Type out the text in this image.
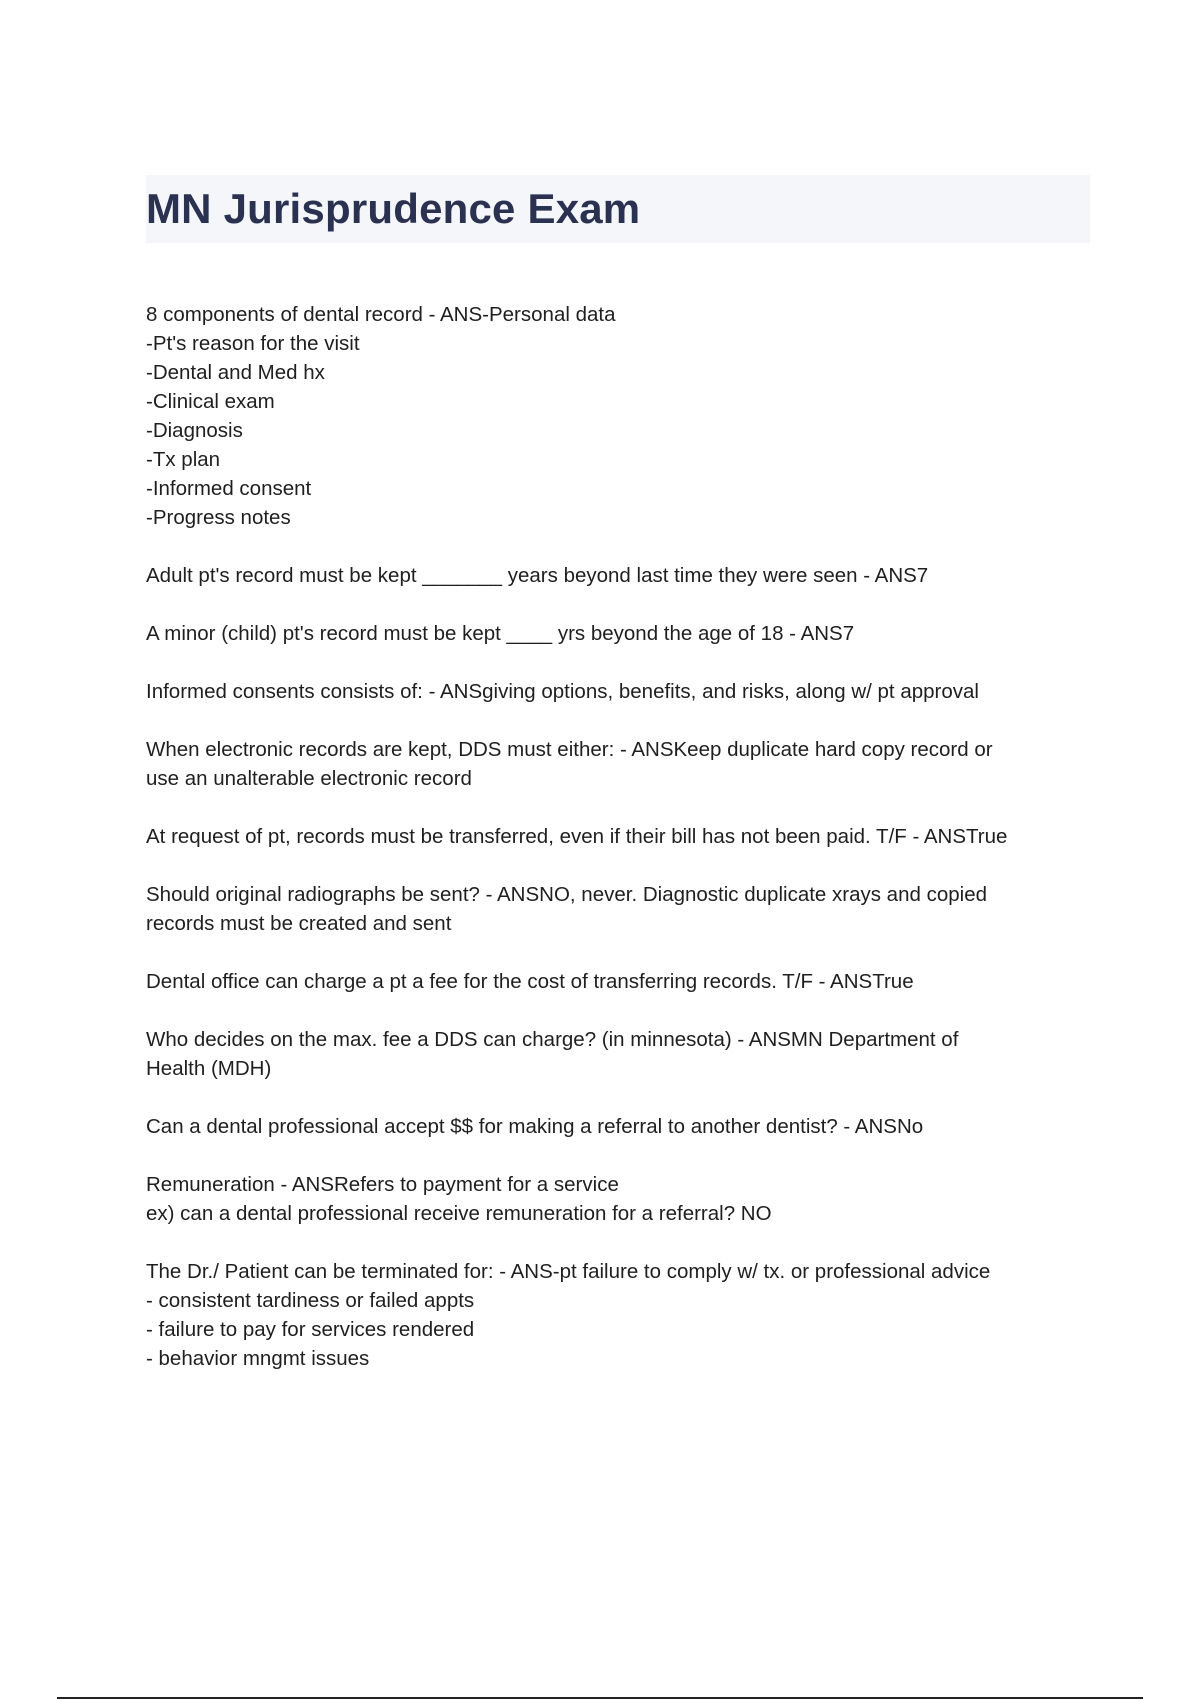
MN Jurisprudence Exam

8 components of dental record - ANS-Personal data
-Pt's reason for the visit
-Dental and Med hx
-Clinical exam
-Diagnosis
-Tx plan
-Informed consent
-Progress notes

Adult pt's record must be kept _______ years beyond last time they were seen - ANS7

A minor (child) pt's record must be kept ____ yrs beyond the age of 18 - ANS7

Informed consents consists of: - ANSgiving options, benefits, and risks, along w/ pt approval

When electronic records are kept, DDS must either: - ANSKeep duplicate hard copy record or
use an unalterable electronic record

At request of pt, records must be transferred, even if their bill has not been paid. T/F - ANSTrue

Should original radiographs be sent? - ANSNO, never. Diagnostic duplicate xrays and copied
records must be created and sent

Dental office can charge a pt a fee for the cost of transferring records. T/F - ANSTrue

Who decides on the max. fee a DDS can charge? (in minnesota) - ANSMN Department of
Health (MDH)

Can a dental professional accept $$ for making a referral to another dentist? - ANSNo

Remuneration - ANSRefers to payment for a service
ex) can a dental professional receive remuneration for a referral? NO

The Dr./ Patient can be terminated for: - ANS-pt failure to comply w/ tx. or professional advice
- consistent tardiness or failed appts
- failure to pay for services rendered
- behavior mngmt issues
